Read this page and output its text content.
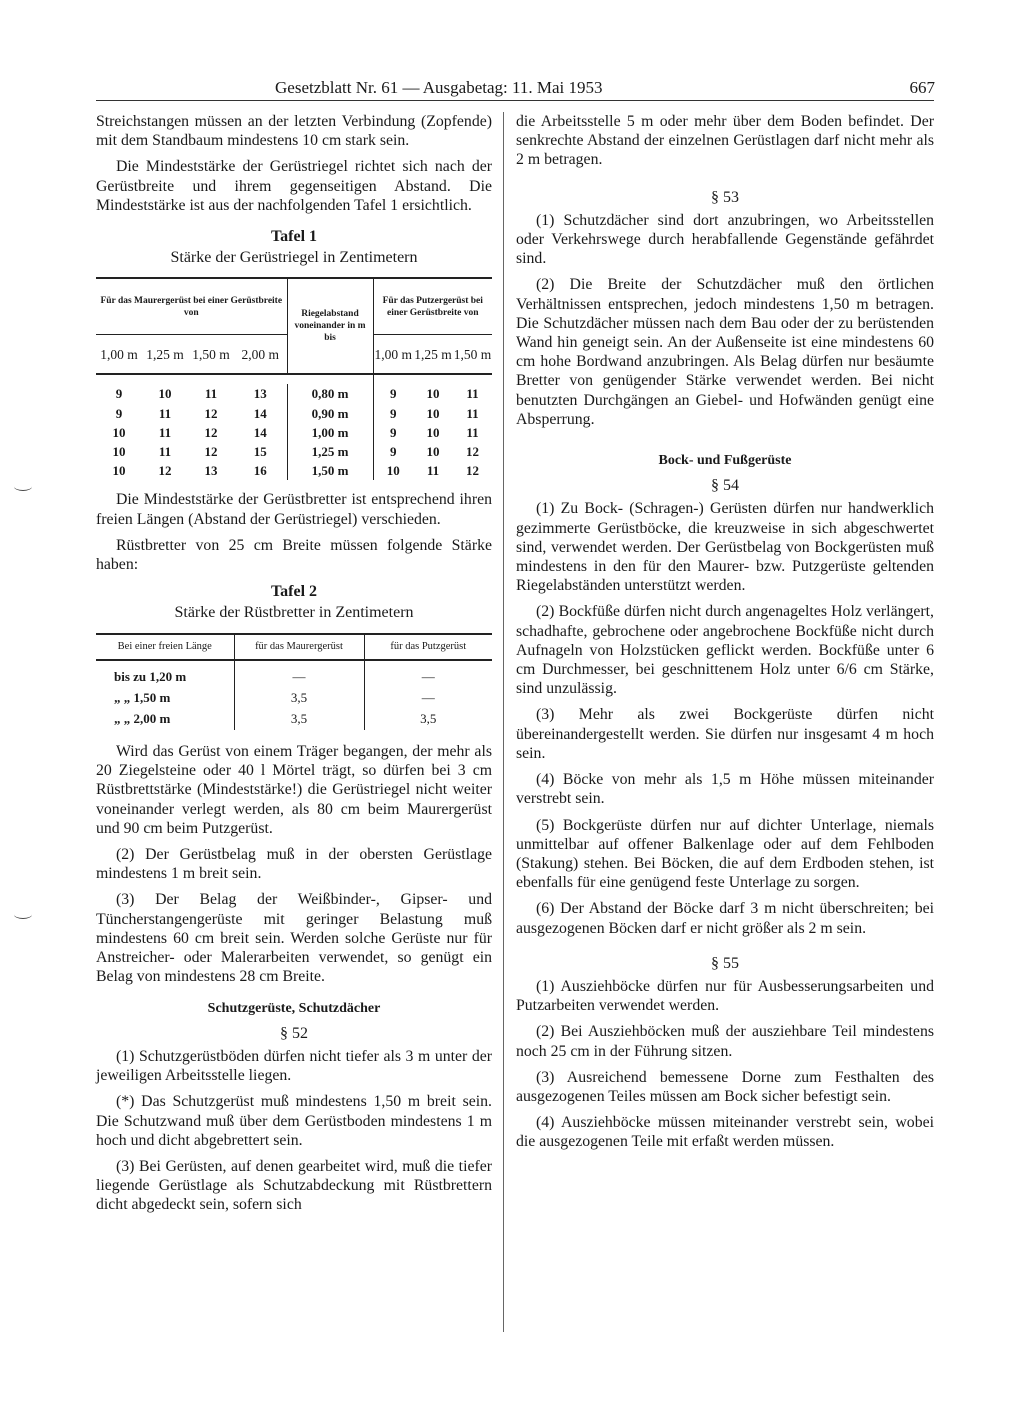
Gesetzblatt Nr. 61 — Ausgabetag: 11. Mai 1953	667

Streichstangen müssen an der letzten Verbindung (Zopfende) mit dem Standbaum mindestens 10 cm stark sein.

Die Mindeststärke der Gerüstriegel richtet sich nach der Gerüstbreite und ihrem gegenseitigen Abstand. Die Mindeststärke ist aus der nachfolgenden Tafel 1 ersichtlich.

Tafel 1
Stärke der Gerüstriegel in Zentimetern
Für das Maurergerüst bei einer Gerüstbreite von				Riegelabstand voneinander in m bis	Für das Putzergerüst bei einer Gerüstbreite von		
1,00 m	1,25 m	1,50 m	2,00 m		1,00 m	1,25 m	1,50 m

9	10	11	13	0,80 m	9	10	11
9	11	12	14	0,90 m	9	10	11
10	11	12	14	1,00 m	9	10	11
10	11	12	15	1,25 m	9	10	12
10	12	13	16	1,50 m	10	11	12

Die Mindeststärke der Gerüstbretter ist entsprechend ihren freien Längen (Abstand der Gerüstriegel) verschieden.

Rüstbretter von 25 cm Breite müssen folgende Stärke haben:

Tafel 2
Stärke der Rüstbretter in Zentimetern
Bei einer freien Länge	für das Maurergerüst	für das Putzgerüst

bis zu 1,20 m	—	—
„ „ 1,50 m	3,5	—
„ „ 2,00 m	3,5	3,5

Wird das Gerüst von einem Träger begangen, der mehr als 20 Ziegelsteine oder 40 l Mörtel trägt, so dürfen bei 3 cm Rüstbrettstärke (Mindeststärke!) die Gerüstriegel nicht weiter voneinander verlegt werden, als 80 cm beim Maurergerüst und 90 cm beim Putzgerüst.

(2) Der Gerüstbelag muß in der obersten Gerüstlage mindestens 1 m breit sein.

(3) Der Belag der Weißbinder-, Gipser- und Tüncherstangengerüste mit geringer Belastung muß mindestens 60 cm breit sein. Werden solche Gerüste nur für Anstreicher- oder Malerarbeiten verwendet, so genügt ein Belag von mindestens 28 cm Breite.

Schutzgerüste, Schutzdächer
§ 52

(1) Schutzgerüstböden dürfen nicht tiefer als 3 m unter der jeweiligen Arbeitsstelle liegen.

(*) Das Schutzgerüst muß mindestens 1,50 m breit sein. Die Schutzwand muß über dem Gerüstboden mindestens 1 m hoch und dicht abgebrettert sein.

(3) Bei Gerüsten, auf denen gearbeitet wird, muß die tiefer liegende Gerüstlage als Schutzabdeckung mit Rüstbrettern dicht abgedeckt sein, sofern sich

die Arbeitsstelle 5 m oder mehr über dem Boden befindet. Der senkrechte Abstand der einzelnen Gerüstlagen darf nicht mehr als 2 m betragen.

§ 53

(1) Schutzdächer sind dort anzubringen, wo Arbeitsstellen oder Verkehrswege durch herabfallende Gegenstände gefährdet sind.

(2) Die Breite der Schutzdächer muß den örtlichen Verhältnissen entsprechen, jedoch mindestens 1,50 m betragen. Die Schutzdächer müssen nach dem Bau oder der zu berüstenden Wand hin geneigt sein. An der Außenseite ist eine mindestens 60 cm hohe Bordwand anzubringen. Als Belag dürfen nur besäumte Bretter von genügender Stärke verwendet werden. Bei nicht benutzten Durchgängen an Giebel- und Hofwänden genügt eine Absperrung.

Bock- und Fußgerüste
§ 54

(1) Zu Bock- (Schragen-) Gerüsten dürfen nur handwerklich gezimmerte Gerüstböcke, die kreuzweise in sich abgeschwertet sind, verwendet werden. Der Gerüstbelag von Bockgerüsten muß mindestens in den für den Maurer- bzw. Putzgerüste geltenden Riegelabständen unterstützt werden.

(2) Bockfüße dürfen nicht durch angenageltes Holz verlängert, schadhafte, gebrochene oder angebrochene Bockfüße nicht durch Aufnageln von Holzstücken geflickt werden. Bockfüße unter 6 cm Durchmesser, bei geschnittenem Holz unter 6/6 cm Stärke, sind unzulässig.

(3) Mehr als zwei Bockgerüste dürfen nicht übereinandergestellt werden. Sie dürfen nur insgesamt 4 m hoch sein.

(4) Böcke von mehr als 1,5 m Höhe müssen miteinander verstrebt sein.

(5) Bockgerüste dürfen nur auf dichter Unterlage, niemals unmittelbar auf offener Balkenlage oder auf dem Fehlboden (Stakung) stehen. Bei Böcken, die auf dem Erdboden stehen, ist ebenfalls für eine genügend feste Unterlage zu sorgen.

(6) Der Abstand der Böcke darf 3 m nicht überschreiten; bei ausgezogenen Böcken darf er nicht größer als 2 m sein.

§ 55

(1) Ausziehböcke dürfen nur für Ausbesserungsarbeiten und Putzarbeiten verwendet werden.

(2) Bei Ausziehböcken muß der ausziehbare Teil mindestens noch 25 cm in der Führung sitzen.

(3) Ausreichend bemessene Dorne zum Festhalten des ausgezogenen Teiles müssen am Bock sicher befestigt sein.

(4) Ausziehböcke müssen miteinander verstrebt sein, wobei die ausgezogenen Teile mit erfaßt werden müssen.
